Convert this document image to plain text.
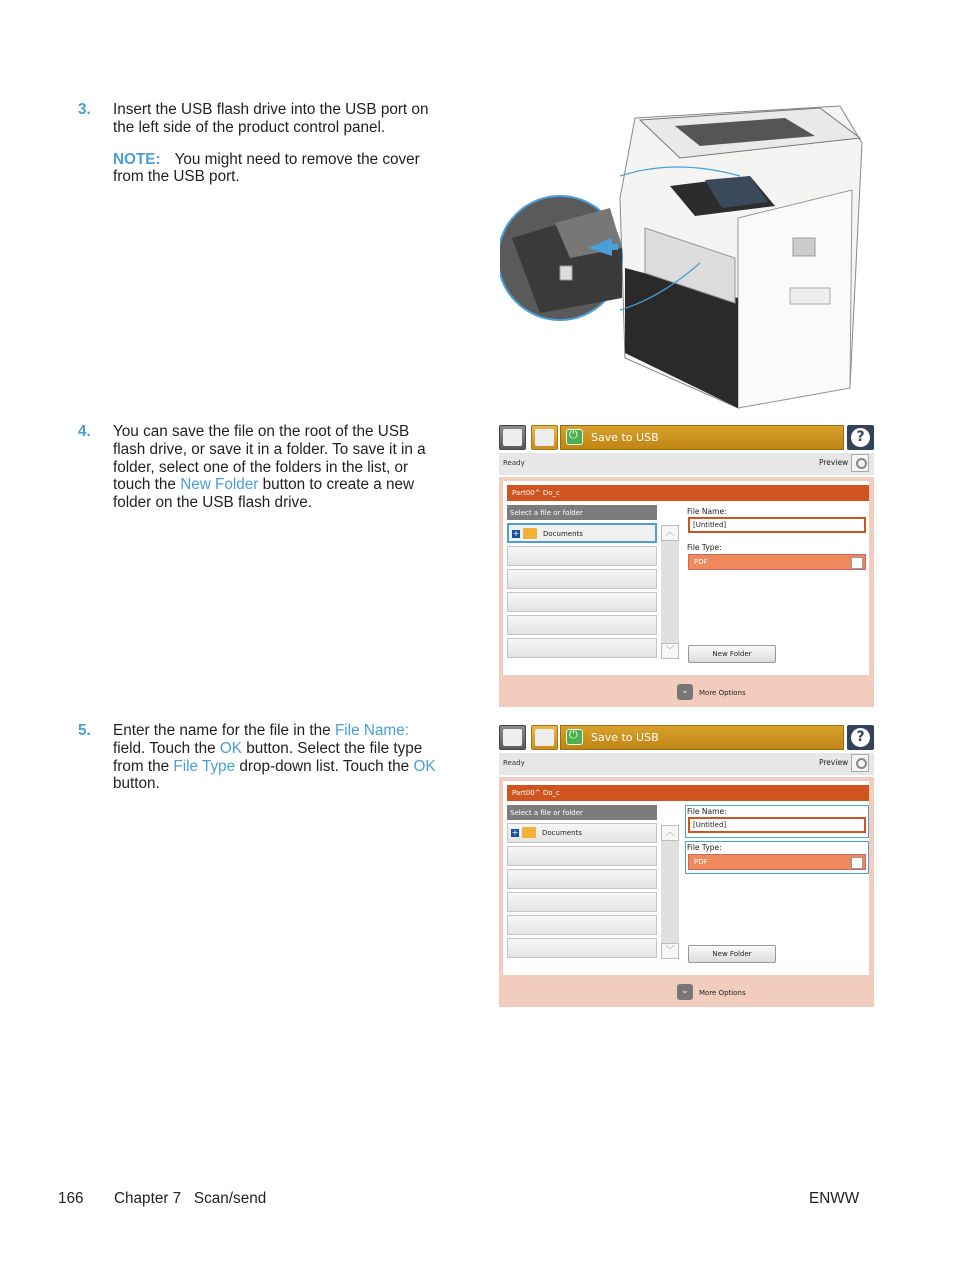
3. Insert the USB flash drive into the USB port on the left side of the product control panel.

NOTE: You might need to remove the cover from the USB port.

4. You can save the file on the root of the USB flash drive, or save it in a folder. To save it in a folder, select one of the folders in the list, or touch the New Folder button to create a new folder on the USB flash drive.

⏻
Save to USB	?
Ready	Preview
Part00^ Do_c
Select a file or folder
+	Documents	︿
﹀
File Name:
[Untitled]
File Type:
PDF
New Folder
⌄	More Options
5. Enter the name for the file in the File Name: field. Touch the OK button. Select the file type from the File Type drop-down list. Touch the OK button.

⏻
Save to USB	?
Ready	Preview
Part00^ Do_c
Select a file or folder
+	Documents	︿
﹀
File Name:
[Untitled]
File Type:
PDF
New Folder
⌄	More Options
166 Chapter 7   Scan/send	ENWW
